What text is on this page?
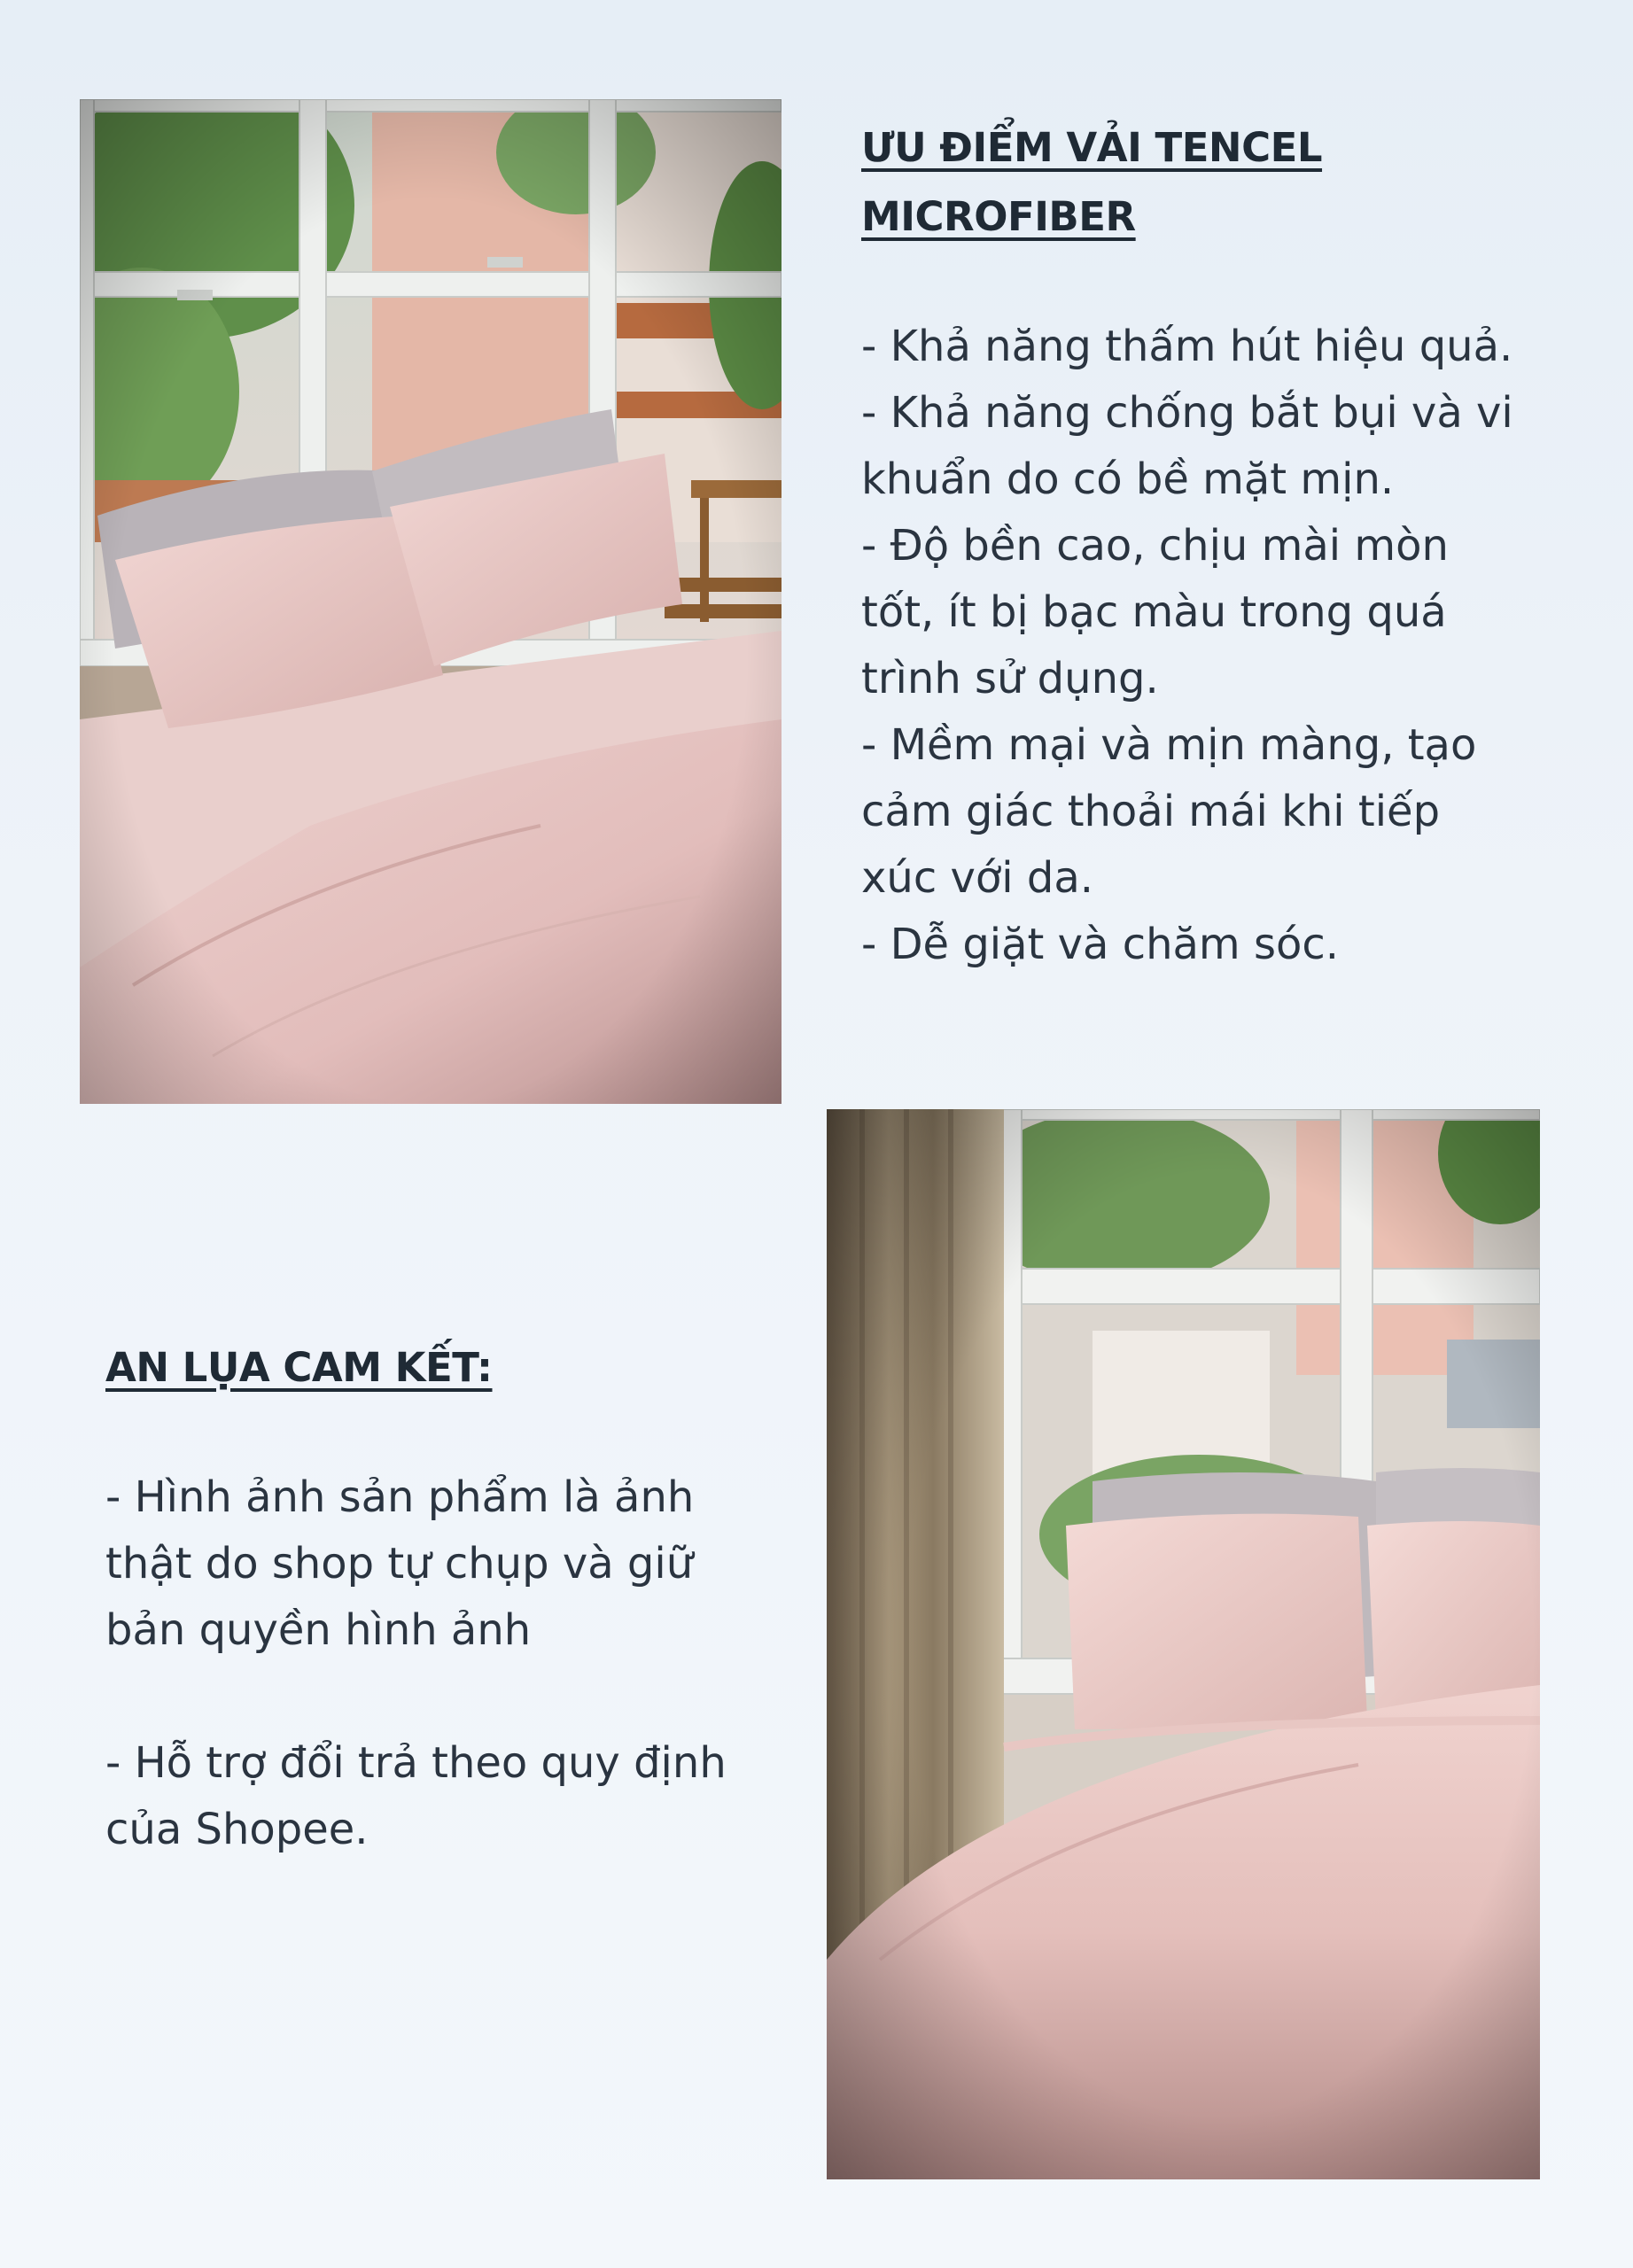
ƯU ĐIỂM VẢI TENCEL
MICROFIBER

- Khả năng thấm hút hiệu quả.
- Khả năng chống bắt bụi và vi
khuẩn do có bề mặt mịn.
- Độ bền cao, chịu mài mòn
tốt, ít bị bạc màu trong quá
trình sử dụng.
- Mềm mại và mịn màng, tạo
cảm giác thoải mái khi tiếp
xúc với da.
- Dễ giặt và chăm sóc.

AN LỤA CAM KẾT:

- Hình ảnh sản phẩm là ảnh
thật do shop tự chụp và giữ
bản quyền hình ảnh
- Hỗ trợ đổi trả theo quy định
của Shopee.
